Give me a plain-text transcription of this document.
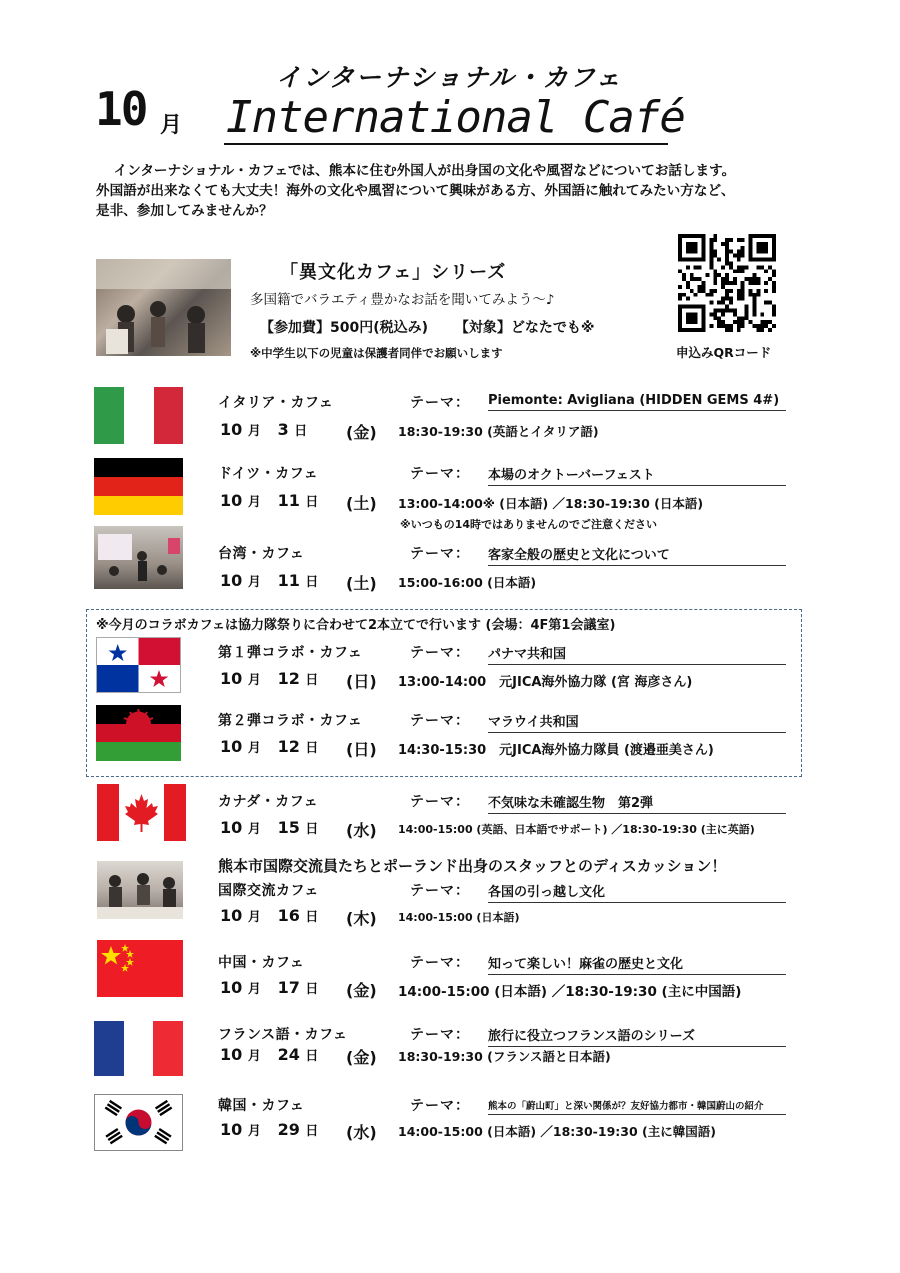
10 月
インターナショナル・カフェ
International Café
インターナショナル・カフェでは、熊本に住む外国人が出身国の文化や風習などについてお話します。
外国語が出来なくても大丈夫！海外の文化や風習について興味がある方、外国語に触れてみたい方など、
是非、参加してみませんか？
「異文化カフェ」シリーズ
多国籍でバラエティ豊かなお話を聞いてみよう～♪
【参加費】500円(税込み) 【対象】どなたでも※
※中学生以下の児童は保護者同伴でお願いします	申込みQRコード
イタリア・カフェ	テーマ： Piemonte: Avigliana (HIDDEN GEMS 4#)
10 月 3 日 (金) 18:30-19:30 (英語とイタリア語)
ドイツ・カフェ	テーマ： 本場のオクトーバーフェスト
10 月 11 日 (土) 13:00-14:00※ (日本語) ／18:30-19:30 (日本語)
※いつもの14時ではありませんのでご注意ください
台湾・カフェ	テーマ： 客家全般の歴史と文化について
10 月 11 日 (土) 15:00-16:00 (日本語)
※今月のコラボカフェは協力隊祭りに合わせて2本立てで行います (会場：4F第1会議室)
第１弾コラボ・カフェ	テーマ： パナマ共和国
10 月 12 日 (日) 13:00-14:00　元JICA海外協力隊 (宮 海彦さん)
第２弾コラボ・カフェ	テーマ： マラウイ共和国
10 月 12 日 (日) 14:30-15:30　元JICA海外協力隊員 (渡邉亜美さん)
カナダ・カフェ	テーマ： 不気味な未確認生物　第2弾
10 月 15 日 (水) 14:00-15:00 (英語、日本語でサポート) ／18:30-19:30 (主に英語)
熊本市国際交流員たちとポーランド出身のスタッフとのディスカッション！
国際交流カフェ	テーマ： 各国の引っ越し文化
10 月 16 日 (木) 14:00-15:00 (日本語)
中国・カフェ	テーマ： 知って楽しい！麻雀の歴史と文化
10 月 17 日 (金) 14:00-15:00 (日本語) ／18:30-19:30 (主に中国語)
フランス語・カフェ	テーマ： 旅行に役立つフランス語のシリーズ
10 月 24 日 (金) 18:30-19:30 (フランス語と日本語)
韓国・カフェ	テーマ： 熊本の「蔚山町」と深い関係が？友好協力都市・韓国蔚山の紹介
10 月 29 日 (水) 14:00-15:00 (日本語) ／18:30-19:30 (主に韓国語)
